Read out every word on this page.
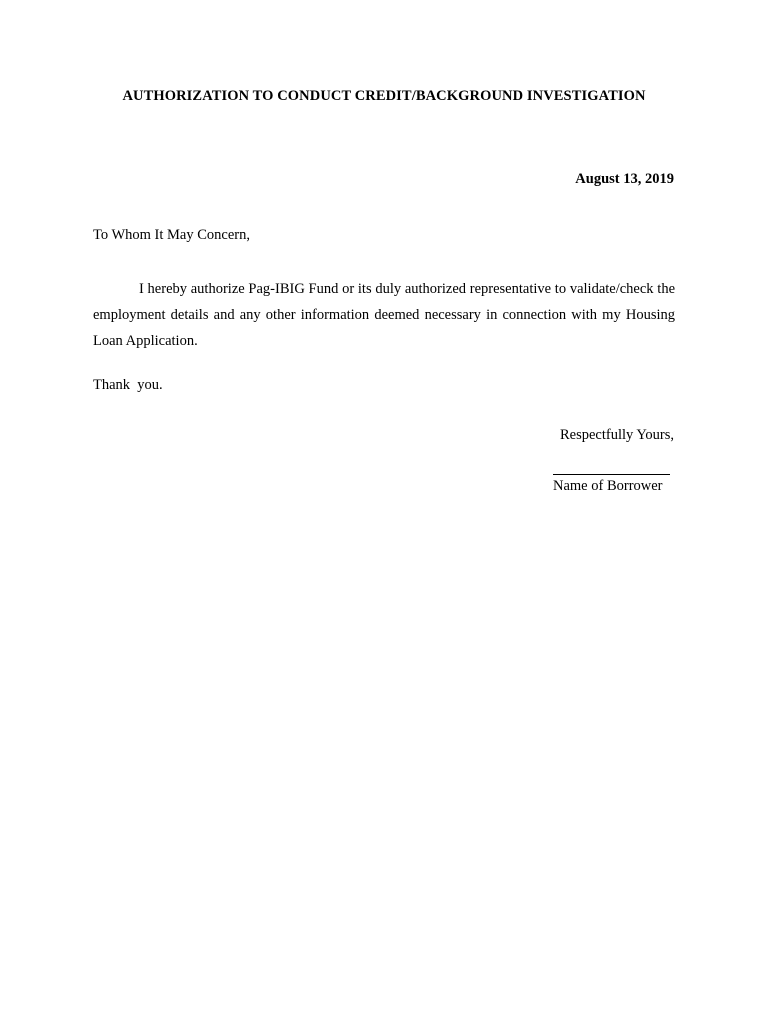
AUTHORIZATION TO CONDUCT CREDIT/BACKGROUND INVESTIGATION
August 13, 2019
To Whom It May Concern,

I hereby authorize Pag-IBIG Fund or its duly authorized representative to validate/check the employment details and any other information deemed necessary in connection with my Housing Loan Application.

Thank  you.
Respectfully Yours,
Name of Borrower
